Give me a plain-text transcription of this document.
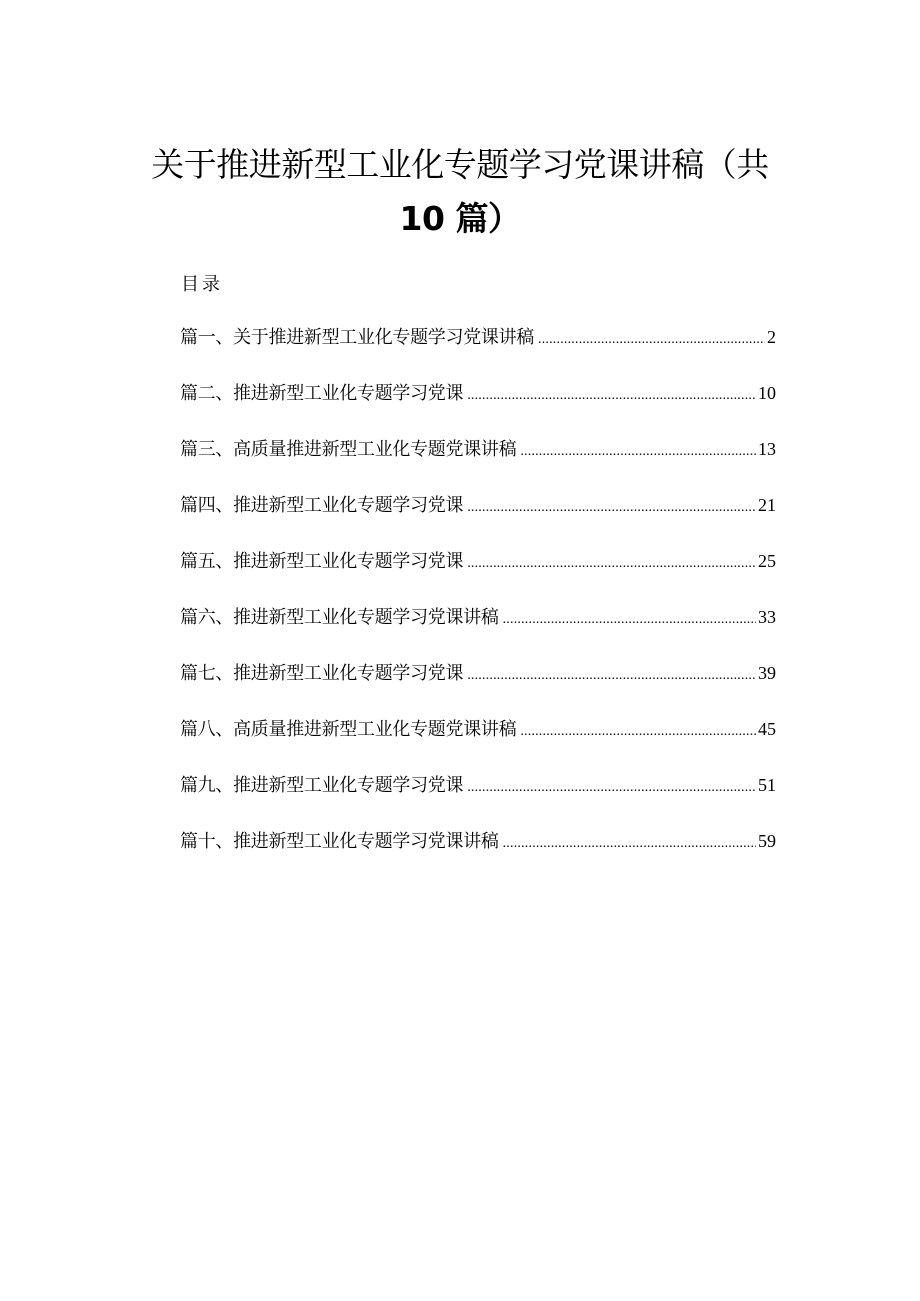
关于推进新型工业化专题学习党课讲稿（共
10 篇）
目录
篇一、关于推进新型工业化专题学习党课讲稿 .....	2
篇二、推进新型工业化专题学习党课 .....	10
篇三、高质量推进新型工业化专题党课讲稿 .....	13
篇四、推进新型工业化专题学习党课 .....	21
篇五、推进新型工业化专题学习党课 .....	25
篇六、推进新型工业化专题学习党课讲稿 .....	33
篇七、推进新型工业化专题学习党课 .....	39
篇八、高质量推进新型工业化专题党课讲稿 .....	45
篇九、推进新型工业化专题学习党课 .....	51
篇十、推进新型工业化专题学习党课讲稿 .....	59
